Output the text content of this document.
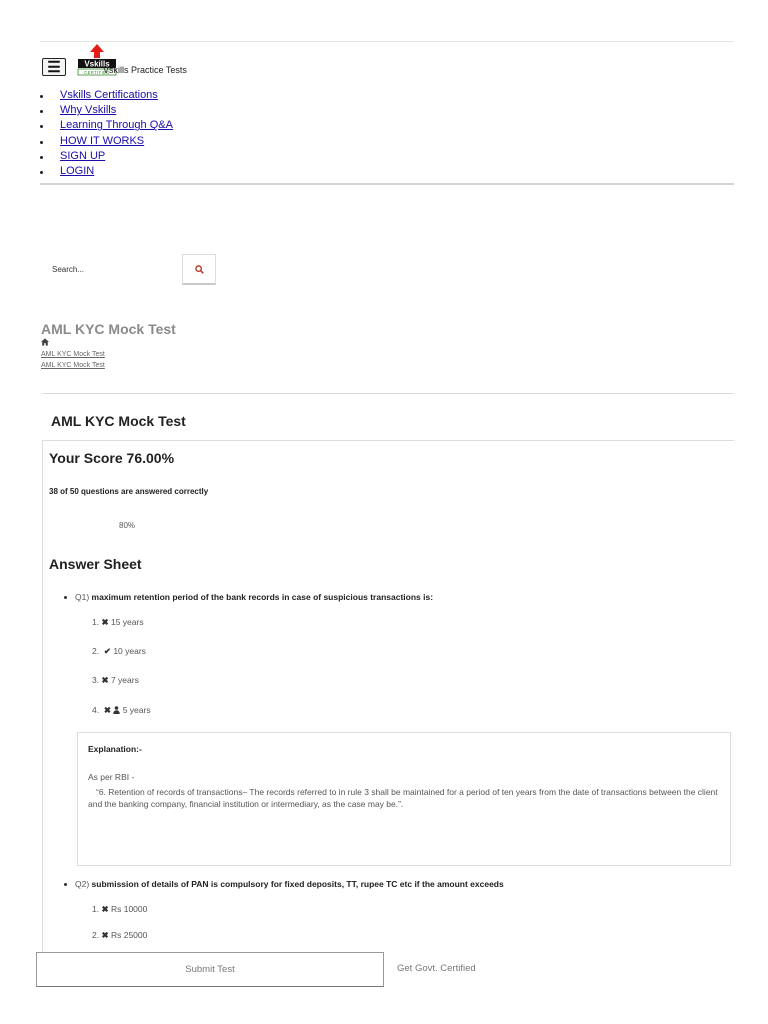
☰	Vskills
CERTIFIED
Vskills Practice Tests
Vskills Certifications
Why Vskills
Learning Through Q&A
HOW IT WORKS
SIGN UP
LOGIN
Search...
AML KYC Mock Test
AML KYC Mock Test
AML KYC Mock Test
AML KYC Mock Test
Your Score 76.00%
38 of 50 questions are answered correctly
80%
Answer Sheet
Q1) maximum retention period of the bank records in case of suspicious transactions is:
1. ✖ 15 years
2. ✔ 10 years
3. ✖ 7 years
4. ✖ 5 years
Explanation:-
As per RBI -
“6. Retention of records of transactions– The records referred to in rule 3 shall be maintained for a period of ten years from the date of transactions between the client and the banking company, financial institution or intermediary, as the case may be.”.
Q2) submission of details of PAN is compulsory for fixed deposits, TT, rupee TC etc if the amount exceeds
1. ✖ Rs 10000
2. ✖ Rs 25000
Submit Test	Get Govt. Certified
